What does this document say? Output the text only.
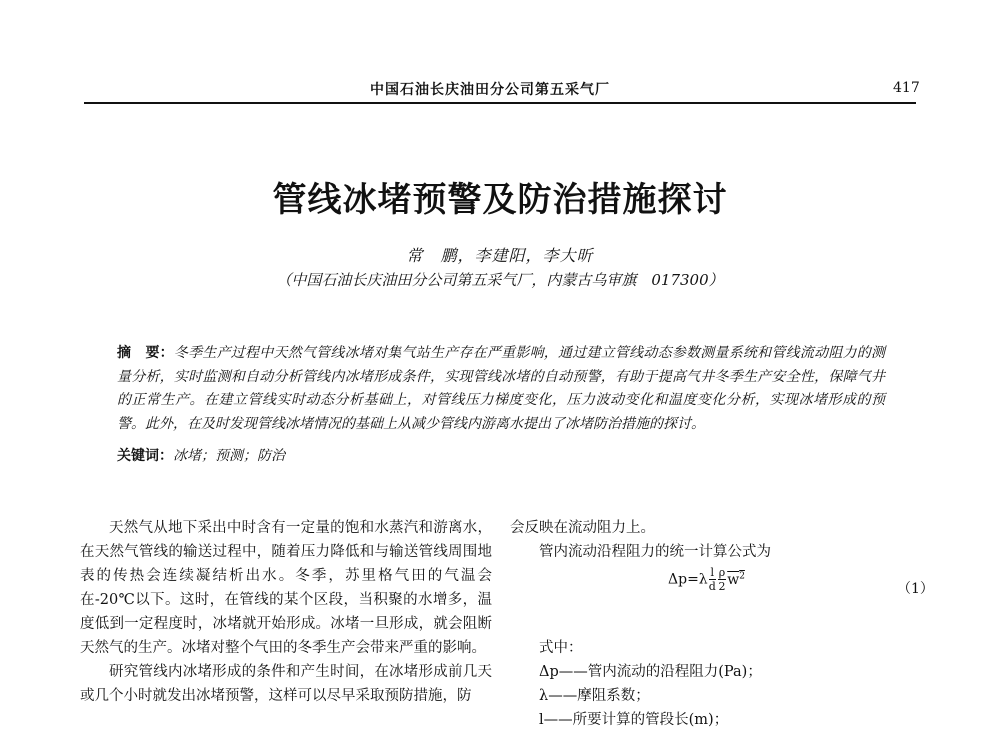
中国石油长庆油田分公司第五采气厂	417
管线冰堵预警及防治措施探讨
常　鹏，李建阳，李大昕
（中国石油长庆油田分公司第五采气厂，内蒙古乌审旗　017300）
摘　要：冬季生产过程中天然气管线冰堵对集气站生产存在严重影响，通过建立管线动态参数测量系统和管线流动阻力的测量分析，实时监测和自动分析管线内冰堵形成条件，实现管线冰堵的自动预警，有助于提高气井冬季生产安全性，保障气井的正常生产。在建立管线实时动态分析基础上，对管线压力梯度变化，压力波动变化和温度变化分析，实现冰堵形成的预警。此外，在及时发现管线冰堵情况的基础上从减少管线内游离水提出了冰堵防治措施的探讨。
关键词：冰堵；预测；防治

天然气从地下采出中时含有一定量的饱和水蒸汽和游离水，在天然气管线的输送过程中，随着压力降低和与输送管线周围地表的传热会连续凝结析出水。冬季，苏里格气田的气温会在-20℃以下。这时，在管线的某个区段，当积聚的水增多，温度低到一定程度时，冰堵就开始形成。冰堵一旦形成，就会阻断天然气的生产。冰堵对整个气田的冬季生产会带来严重的影响。

研究管线内冰堵形成的条件和产生时间，在冰堵形成前几天或几个小时就发出冰堵预警，这样可以尽早采取预防措施，防

会反映在流动阻力上。
管内流动沿程阻力的统一计算公式为
式中：
Δp——管内流动的沿程阻力(Pa)；
λ——摩阻系数；
l——所要计算的管段长(m)；
$\Delta p=\lambda \frac{l}{d} \frac{\rho}{2} w^2$
（1）
